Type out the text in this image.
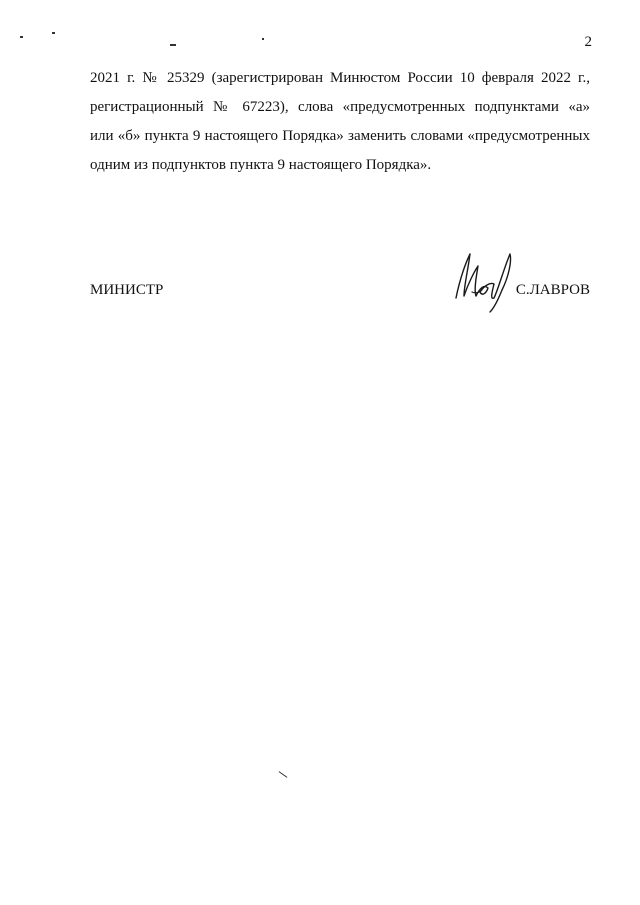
2
2021 г. № 25329 (зарегистрирован Минюстом России 10 февраля 2022 г.,
регистрационный № 67223), слова «предусмотренных подпунктами «а»
или «б» пункта 9 настоящего Порядка» заменить словами «предусмотренных
одним из подпунктов пункта 9 настоящего Порядка».
МИНИСТР	С.ЛАВРОВ
